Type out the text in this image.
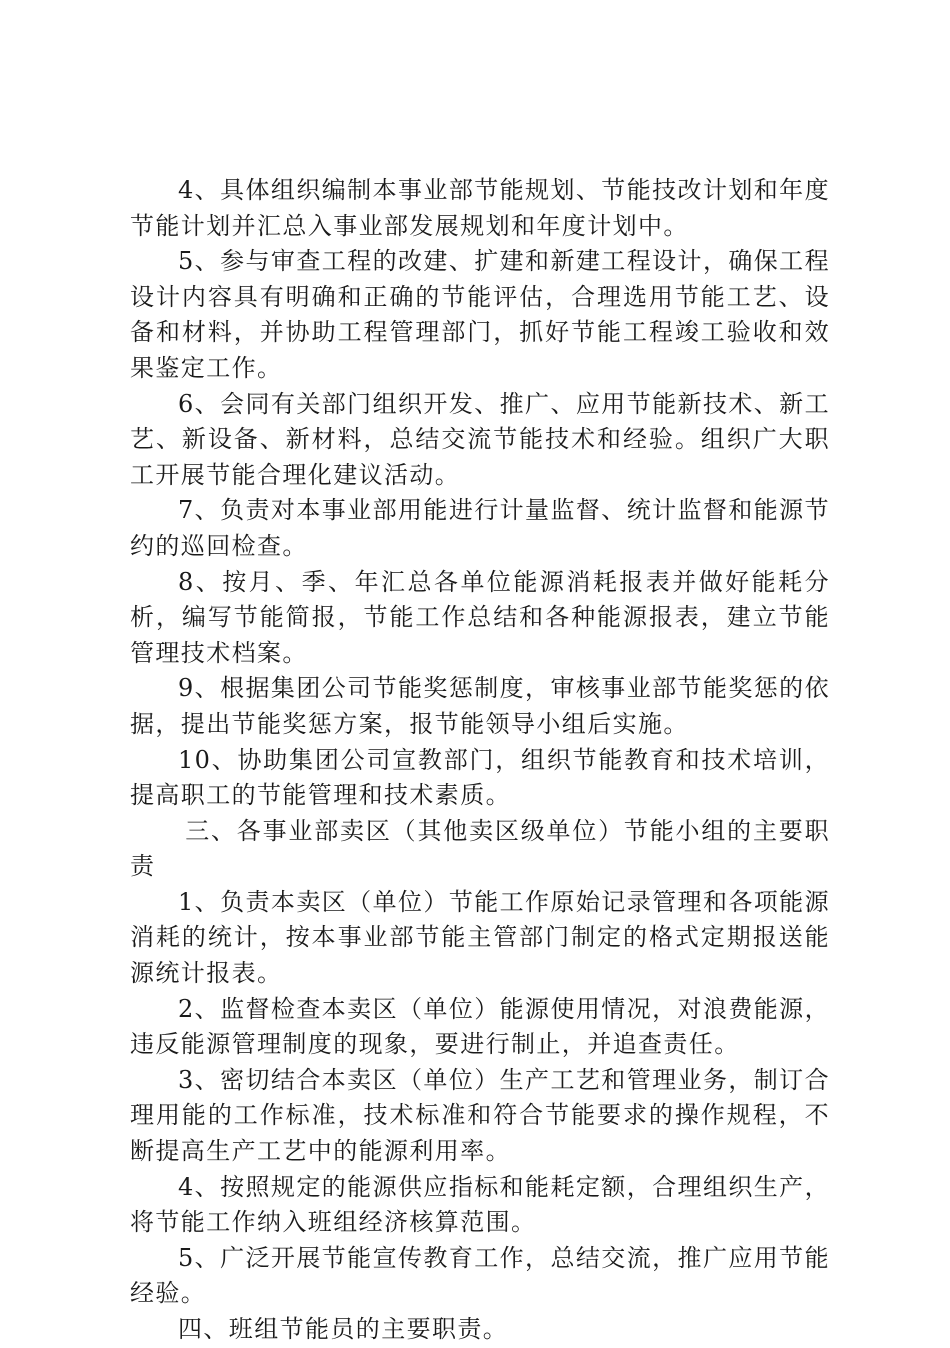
4、具体组织编制本事业部节能规划、节能技改计划和年度节能计划并汇总入事业部发展规划和年度计划中。

5、参与审查工程的改建、扩建和新建工程设计，确保工程设计内容具有明确和正确的节能评估，合理选用节能工艺、设备和材料，并协助工程管理部门，抓好节能工程竣工验收和效果鉴定工作。

6、会同有关部门组织开发、推广、应用节能新技术、新工艺、新设备、新材料，总结交流节能技术和经验。组织广大职工开展节能合理化建议活动。

7、负责对本事业部用能进行计量监督、统计监督和能源节约的巡回检查。

8、按月、季、年汇总各单位能源消耗报表并做好能耗分析，编写节能简报，节能工作总结和各种能源报表，建立节能管理技术档案。

9、根据集团公司节能奖惩制度，审核事业部节能奖惩的依据，提出节能奖惩方案，报节能领导小组后实施。

10、协助集团公司宣教部门，组织节能教育和技术培训，提高职工的节能管理和技术素质。

三、各事业部卖区（其他卖区级单位）节能小组的主要职责

1、负责本卖区（单位）节能工作原始记录管理和各项能源消耗的统计，按本事业部节能主管部门制定的格式定期报送能源统计报表。

2、监督检查本卖区（单位）能源使用情况，对浪费能源，违反能源管理制度的现象，要进行制止，并追查责任。

3、密切结合本卖区（单位）生产工艺和管理业务，制订合理用能的工作标准，技术标准和符合节能要求的操作规程，不断提高生产工艺中的能源利用率。

4、按照规定的能源供应指标和能耗定额，合理组织生产，将节能工作纳入班组经济核算范围。

5、广泛开展节能宣传教育工作，总结交流，推广应用节能经验。

四、班组节能员的主要职责。
